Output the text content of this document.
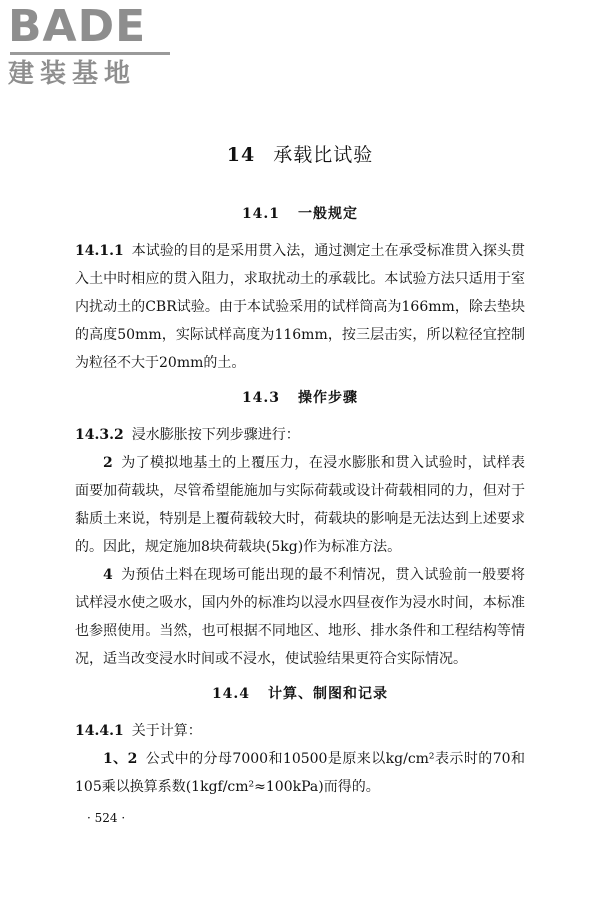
BADE
建装基地
14 承载比试验
14.1 一般规定

14.1.1 本试验的目的是采用贯入法，通过测定土在承受标准贯入探头贯入土中时相应的贯入阻力，求取扰动土的承载比。本试验方法只适用于室内扰动土的CBR试验。由于本试验采用的试样筒高为166mm，除去垫块的高度50mm，实际试样高度为116mm，按三层击实，所以粒径宜控制为粒径不大于20mm的土。

14.3 操作步骤

14.3.2 浸水膨胀按下列步骤进行：

2 为了模拟地基土的上覆压力，在浸水膨胀和贯入试验时，试样表面要加荷载块，尽管希望能施加与实际荷载或设计荷载相同的力，但对于黏质土来说，特别是上覆荷载较大时，荷载块的影响是无法达到上述要求的。因此，规定施加8块荷载块(5kg)作为标准方法。

4 为预估土料在现场可能出现的最不利情况，贯入试验前一般要将试样浸水使之吸水，国内外的标准均以浸水四昼夜作为浸水时间，本标准也参照使用。当然，也可根据不同地区、地形、排水条件和工程结构等情况，适当改变浸水时间或不浸水，使试验结果更符合实际情况。

14.4 计算、制图和记录

14.4.1 关于计算：

1、2 公式中的分母7000和10500是原来以kg/cm²表示时的70和105乘以换算系数(1kgf/cm²≈100kPa)而得的。

· 524 ·
